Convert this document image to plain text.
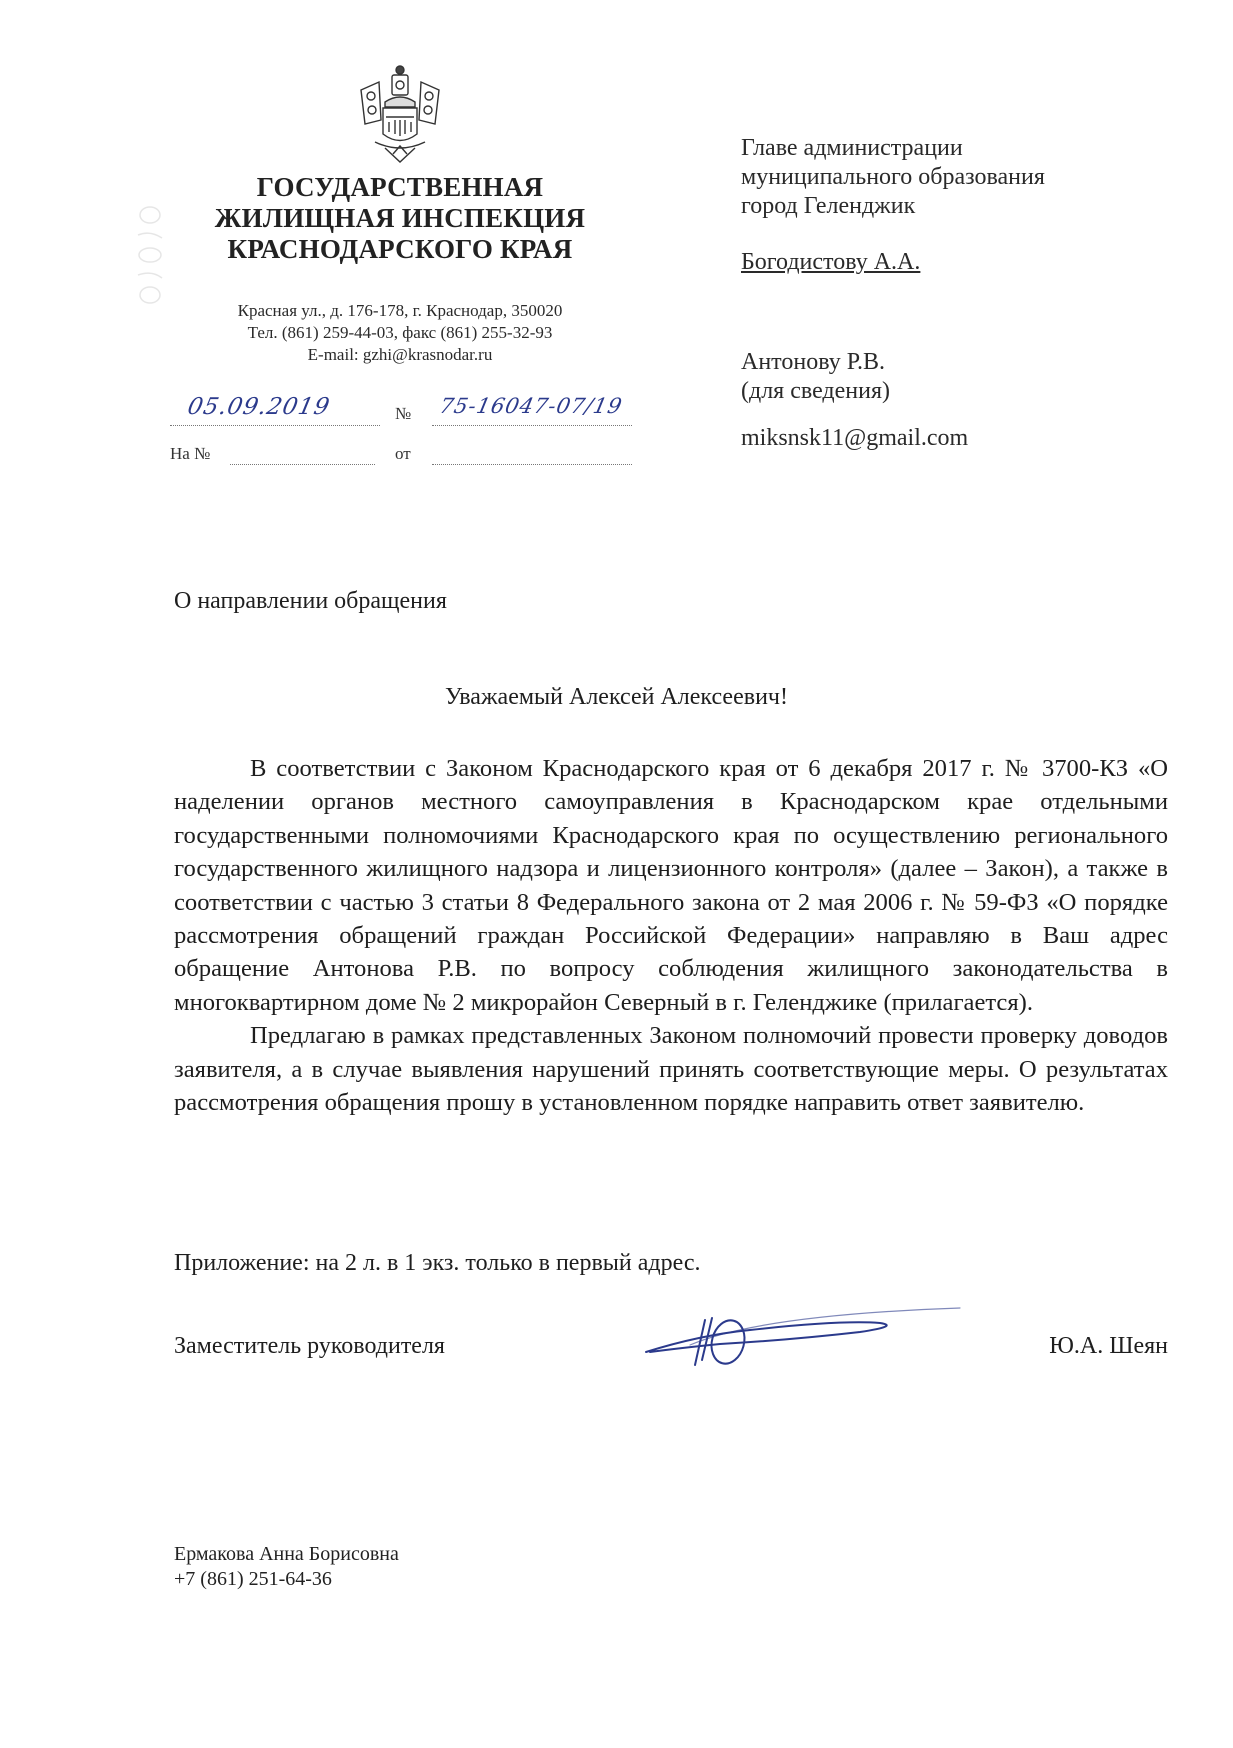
ГОСУДАРСТВЕННАЯ
ЖИЛИЩНАЯ ИНСПЕКЦИЯ
КРАСНОДАРСКОГО КРАЯ
Красная ул., д. 176-178, г. Краснодар, 350020
Тел. (861) 259-44-03, факс (861) 255-32-93
E-mail: gzhi@krasnodar.ru
05.09.2019	№ 75-16047-07/19
На №	от
Главе администрации
муниципального образования
город Геленджик
Богодистову А.А.
Антонову Р.В.
(для сведения)
miksnsk11@gmail.com
О направлении обращения
Уважаемый Алексей Алексеевич!

В соответствии с Законом Краснодарского края от 6 декабря 2017 г. № 3700-КЗ «О наделении органов местного самоуправления в Краснодарском крае отдельными государственными полномочиями Краснодарского края по осуществлению регионального государственного жилищного надзора и лицензионного контроля» (далее – Закон), а также в соответствии с частью 3 статьи 8 Федерального закона от 2 мая 2006 г. № 59-ФЗ «О порядке рассмотрения обращений граждан Российской Федерации» направляю в Ваш адрес обращение Антонова Р.В. по вопросу соблюдения жилищного законодательства в многоквартирном доме № 2 микрорайон Северный в г. Геленджике (прилагается).

Предлагаю в рамках представленных Законом полномочий провести проверку доводов заявителя, а в случае выявления нарушений принять соответствующие меры. О результатах рассмотрения обращения прошу в установленном порядке направить ответ заявителю.

Приложение: на 2 л. в 1 экз. только в первый адрес.
Заместитель руководителя	Ю.А. Шеян
Ермакова Анна Борисовна
+7 (861) 251-64-36
